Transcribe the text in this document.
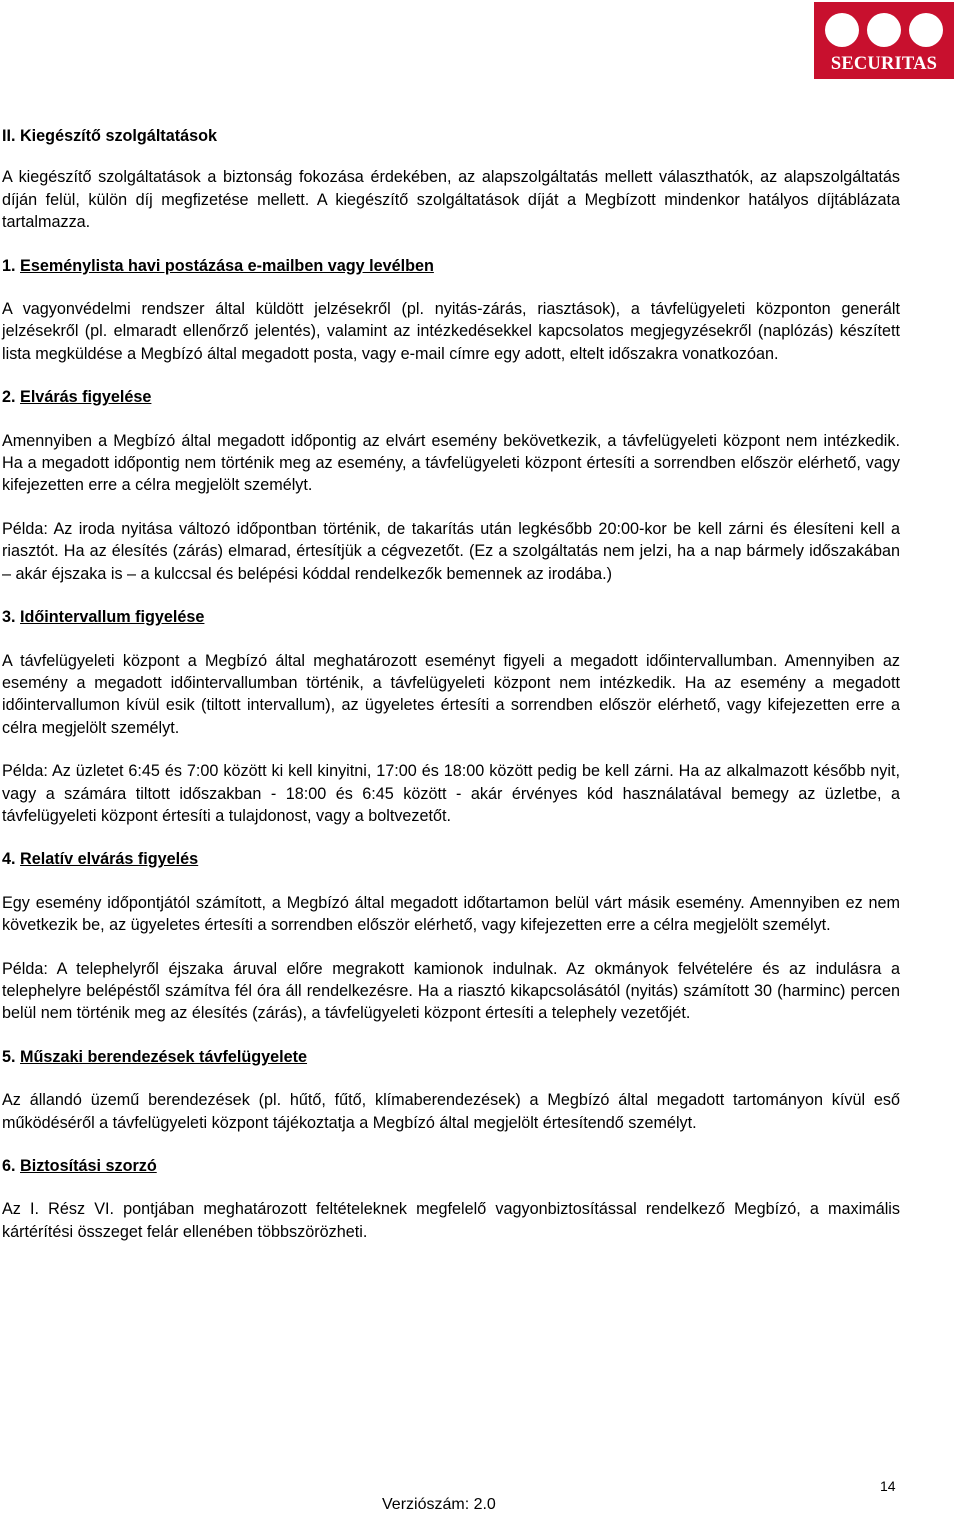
SECURITAS
II. Kiegészítő szolgáltatások

A kiegészítő szolgáltatások a biztonság fokozása érdekében, az alapszolgáltatás mellett választhatók, az alapszolgáltatás díján felül, külön díj megfizetése mellett. A kiegészítő szolgáltatások díját a Megbízott mindenkor hatályos díjtáblázata tartalmazza.

1. Eseménylista havi postázása e-mailben vagy levélben

A vagyonvédelmi rendszer által küldött jelzésekről (pl. nyitás-zárás, riasztások), a távfelügyeleti központon generált jelzésekről (pl. elmaradt ellenőrző jelentés), valamint az intézkedésekkel kapcsolatos megjegyzésekről (naplózás) készített lista megküldése a Megbízó által megadott posta, vagy e-mail címre egy adott, eltelt időszakra vonatkozóan.

2. Elvárás figyelése

Amennyiben a Megbízó által megadott időpontig az elvárt esemény bekövetkezik, a távfelügyeleti központ nem intézkedik. Ha a megadott időpontig nem történik meg az esemény, a távfelügyeleti központ értesíti a sorrendben először elérhető, vagy kifejezetten erre a célra megjelölt személyt.

Példa: Az iroda nyitása változó időpontban történik, de takarítás után legkésőbb 20:00-kor be kell zárni és élesíteni kell a riasztót. Ha az élesítés (zárás) elmarad, értesítjük a cégvezetőt. (Ez a szolgáltatás nem jelzi, ha a nap bármely időszakában – akár éjszaka is – a kulccsal és belépési kóddal rendelkezők bemennek az irodába.)

3. Időintervallum figyelése

A távfelügyeleti központ a Megbízó által meghatározott eseményt figyeli a megadott időintervallumban. Amennyiben az esemény a megadott időintervallumban történik, a távfelügyeleti központ nem intézkedik. Ha az esemény a megadott időintervallumon kívül esik (tiltott intervallum), az ügyeletes értesíti a sorrendben először elérhető, vagy kifejezetten erre a célra megjelölt személyt.

Példa: Az üzletet 6:45 és 7:00 között ki kell kinyitni, 17:00 és 18:00 között pedig be kell zárni. Ha az alkalmazott később nyit, vagy a számára tiltott időszakban - 18:00 és 6:45 között - akár érvényes kód használatával bemegy az üzletbe, a távfelügyeleti központ értesíti a tulajdonost, vagy a boltvezetőt.

4. Relatív elvárás figyelés

Egy esemény időpontjától számított, a Megbízó által megadott időtartamon belül várt másik esemény. Amennyiben ez nem következik be, az ügyeletes értesíti a sorrendben először elérhető, vagy kifejezetten erre a célra megjelölt személyt.

Példa: A telephelyről éjszaka áruval előre megrakott kamionok indulnak. Az okmányok felvételére és az indulásra a telephelyre belépéstől számítva fél óra áll rendelkezésre. Ha a riasztó kikapcsolásától (nyitás) számított 30 (harminc) percen belül nem történik meg az élesítés (zárás), a távfelügyeleti központ értesíti a telephely vezetőjét.

5. Műszaki berendezések távfelügyelete

Az állandó üzemű berendezések (pl. hűtő, fűtő, klímaberendezések) a Megbízó által megadott tartományon kívül eső működéséről a távfelügyeleti központ tájékoztatja a Megbízó által megjelölt értesítendő személyt.

6. Biztosítási szorzó

Az I. Rész VI. pontjában meghatározott feltételeknek megfelelő vagyonbiztosítással rendelkező Megbízó, a maximális kártérítési összeget felár ellenében többszörözheti.

14
Verziószám: 2.0
